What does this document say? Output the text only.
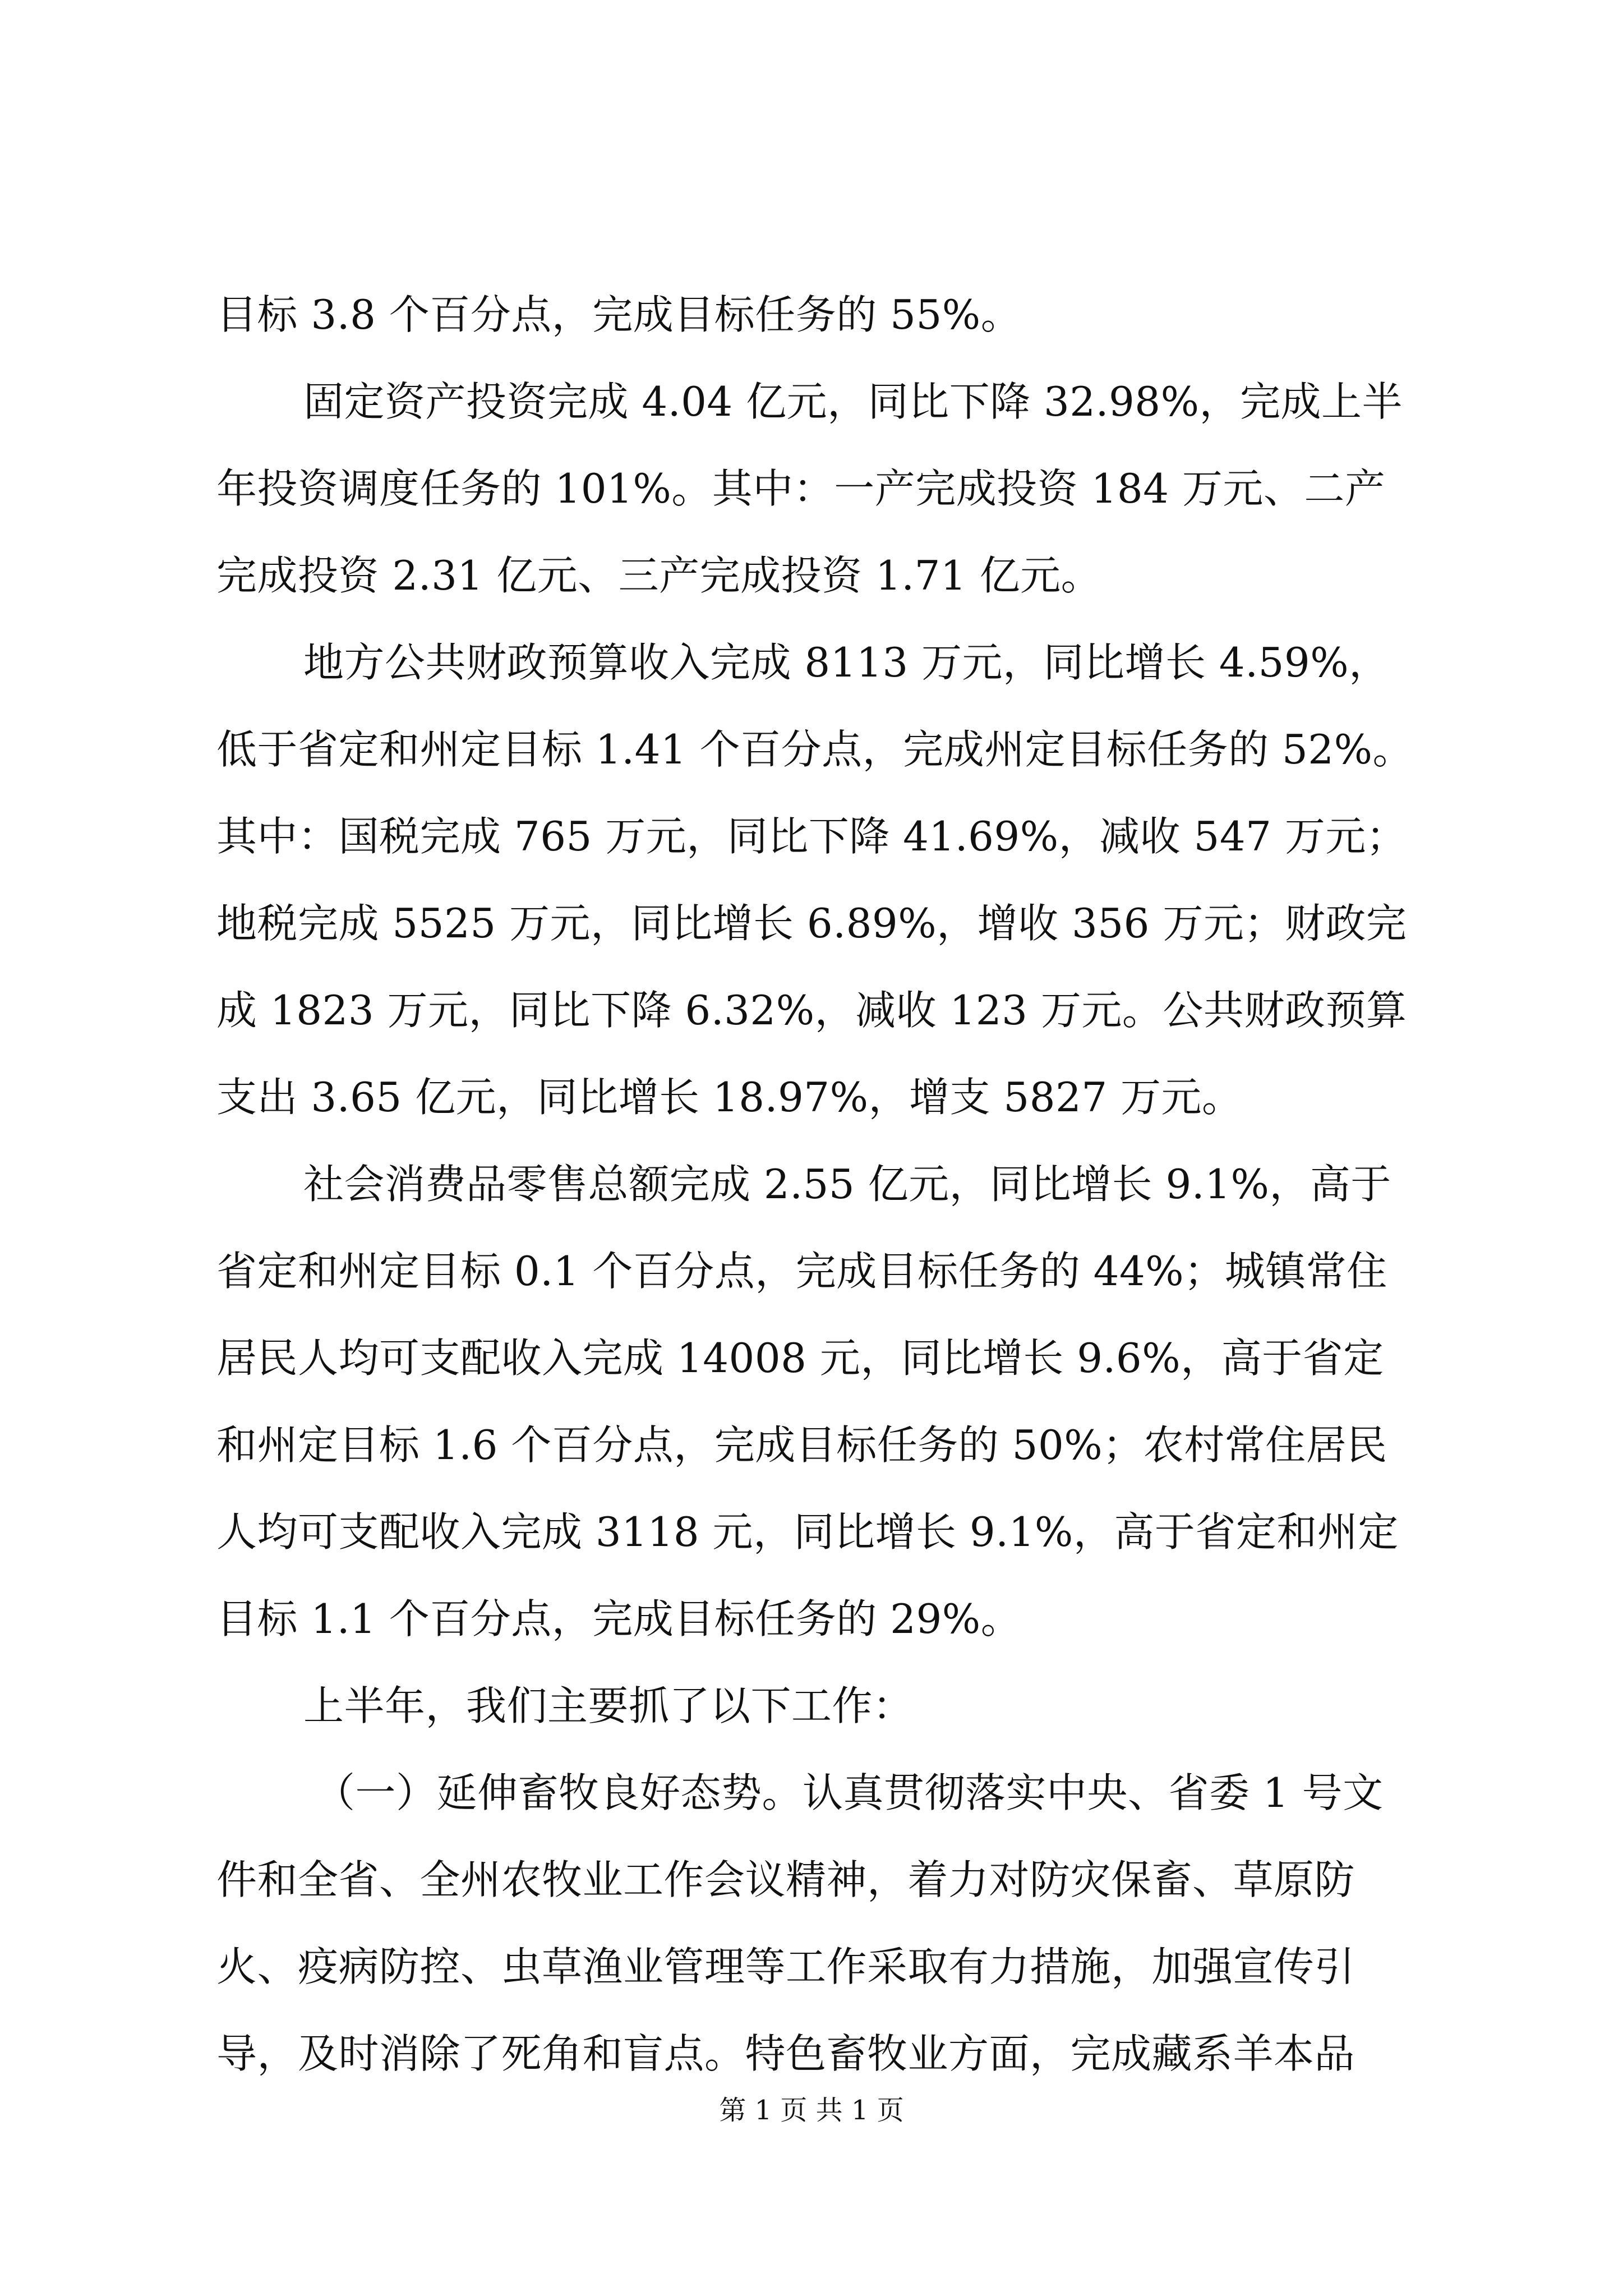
目标 3.8 个百分点，完成目标任务的 55%。
固定资产投资完成 4.04 亿元，同比下降 32.98%，完成上半
年投资调度任务的 101%。其中：一产完成投资 184 万元、二产
完成投资 2.31 亿元、三产完成投资 1.71 亿元。
地方公共财政预算收入完成 8113 万元，同比增长 4.59%，
低于省定和州定目标 1.41 个百分点，完成州定目标任务的 52%。
其中：国税完成 765 万元，同比下降 41.69%，减收 547 万元；
地税完成 5525 万元，同比增长 6.89%，增收 356 万元；财政完
成 1823 万元，同比下降 6.32%，减收 123 万元。公共财政预算
支出 3.65 亿元，同比增长 18.97%，增支 5827 万元。
社会消费品零售总额完成 2.55 亿元，同比增长 9.1%，高于
省定和州定目标 0.1 个百分点，完成目标任务的 44%；城镇常住
居民人均可支配收入完成 14008 元，同比增长 9.6%，高于省定
和州定目标 1.6 个百分点，完成目标任务的 50%；农村常住居民
人均可支配收入完成 3118 元，同比增长 9.1%，高于省定和州定
目标 1.1 个百分点，完成目标任务的 29%。
上半年，我们主要抓了以下工作：
（一）延伸畜牧良好态势。认真贯彻落实中央、省委 1 号文
件和全省、全州农牧业工作会议精神，着力对防灾保畜、草原防
火、疫病防控、虫草渔业管理等工作采取有力措施，加强宣传引
导，及时消除了死角和盲点。特色畜牧业方面，完成藏系羊本品
第 1 页 共 1 页
